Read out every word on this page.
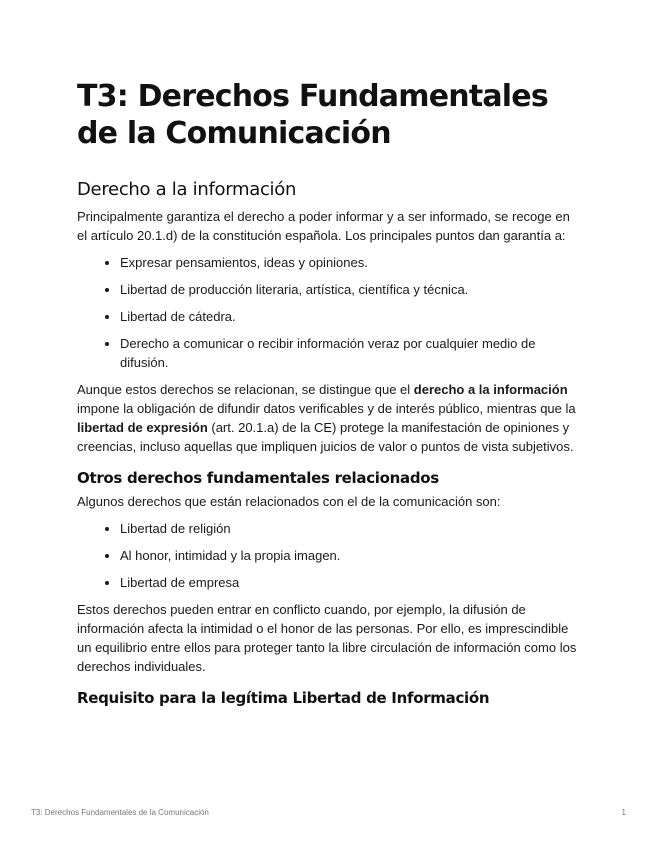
T3: Derechos Fundamentales de la Comunicación
Derecho a la información

Principalmente garantiza el derecho a poder informar y a ser informado, se recoge en el artículo 20.1.d) de la constitución española. Los principales puntos dan garantía a:

Expresar pensamientos, ideas y opiniones.
Libertad de producción literaria, artística, científica y técnica.
Libertad de cátedra.
Derecho a comunicar o recibir información veraz por cualquier medio de difusión.

Aunque estos derechos se relacionan, se distingue que el derecho a la información impone la obligación de difundir datos verificables y de interés público, mientras que la libertad de expresión (art. 20.1.a) de la CE) protege la manifestación de opiniones y creencias, incluso aquellas que impliquen juicios de valor o puntos de vista subjetivos.

Otros derechos fundamentales relacionados

Algunos derechos que están relacionados con el de la comunicación son:

Libertad de religión
Al honor, intimidad y la propia imagen.
Libertad de empresa

Estos derechos pueden entrar en conflicto cuando, por ejemplo, la difusión de información afecta la intimidad o el honor de las personas. Por ello, es imprescindible un equilibrio entre ellos para proteger tanto la libre circulación de información como los derechos individuales.

Requisito para la legítima Libertad de Información
T3: Derechos Fundamentales de la Comunicación	1
